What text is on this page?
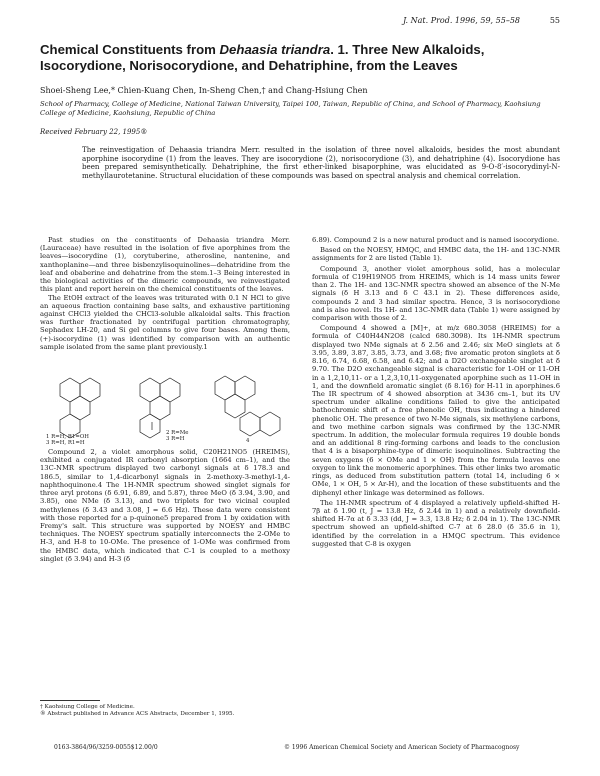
J. Nat. Prod. 1996, 59, 55–58	55
Chemical Constituents from Dehaasia triandra. 1. Three New Alkaloids, Isocorydione, Norisocorydione, and Dehatriphine, from the Leaves
Shoei-Sheng Lee,* Chien-Kuang Chen, In-Sheng Chen,† and Chang-Hsiung Chen
School of Pharmacy, College of Medicine, National Taiwan University, Taipei 100, Taiwan, Republic of China, and School of Pharmacy, Kaohsiung College of Medicine, Kaohsiung, Republic of China
Received February 22, 1995®
The reinvestigation of Dehaasia triandra Merr. resulted in the isolation of three novel alkaloids, besides the most abundant aporphine isocorydine (1) from the leaves. They are isocorydione (2), norisocorydione (3), and dehatriphine (4). Isocorydione has been prepared semisynthetically. Dehatriphine, the first ether-linked bisaporphine, was elucidated as 9-O-8′-isocorydinyl-N-methyllaurotetanine. Structural elucidation of these compounds was based on spectral analysis and chemical correlation.

Past studies on the constituents of Dehaasia triandra Merr. (Lauraceae) have resulted in the isolation of five aporphines from the leaves—isocorydine (1), corytuberine, atherosline, nantenine, and xanthoplanine—and three bisbenzylisoquinolines—dehatridine from the leaf and obaberine and dehatrine from the stem.1–3 Being interested in the biological activities of the dimeric compounds, we reinvestigated this plant and report herein on the chemical constituents of the leaves.

The EtOH extract of the leaves was triturated with 0.1 N HCl to give an aqueous fraction containing base salts, and exhaustive partitioning against CHCl3 yielded the CHCl3-soluble alkaloidal salts. This fraction was further fractionated by centrifugal partition chromatography, Sephadex LH-20, and Si gel columns to give four bases. Among them, (+)-isocorydine (1) was identified by comparison with an authentic sample isolated from the same plant previously.1

1 R=H, R1=OH
3 R=H, R1=H
2 R=Me
3 R=H	4

Compound 2, a violet amorphous solid, C20H21NO5 (HREIMS), exhibited a conjugated IR carbonyl absorption (1664 cm–1), and the 13C-NMR spectrum displayed two carbonyl signals at δ 178.3 and 186.5, similar to 1,4-dicarbonyl signals in 2-methoxy-3-methyl-1,4-naphthoquinone.4 The 1H-NMR spectrum showed singlet signals for three aryl protons (δ 6.91, 6.89, and 5.87), three MeO (δ 3.94, 3.90, and 3.85), one NMe (δ 3.13), and two triplets for two vicinal coupled methylenes (δ 3.43 and 3.08, J = 6.6 Hz). These data were consistent with those reported for a p-quinone5 prepared from 1 by oxidation with Fremy's salt. This structure was supported by NOESY and HMBC techniques. The NOESY spectrum spatially interconnects the 2-OMe to H-3, and H-8 to 10-OMe. The presence of 1-OMe was confirmed from the HMBC data, which indicated that C-1 is coupled to a methoxy singlet (δ 3.94) and H-3 (δ

6.89). Compound 2 is a new natural product and is named isocorydione.

Based on the NOESY, HMQC, and HMBC data, the 1H- and 13C-NMR assignments for 2 are listed (Table 1).

Compound 3, another violet amorphous solid, has a molecular formula of C19H19NO5 from HREIMS, which is 14 mass units fewer than 2. The 1H- and 13C-NMR spectra showed an absence of the N-Me signals (δ H 3.13 and δ C 43.1 in 2). These differences aside, compounds 2 and 3 had similar spectra. Hence, 3 is norisocorydione and is also novel. Its 1H- and 13C-NMR data (Table 1) were assigned by comparison with those of 2.

Compound 4 showed a [M]+, at m/z 680.3058 (HREIMS) for a formula of C40H44N2O8 (calcd 680.3098). Its 1H-NMR spectrum displayed two NMe signals at δ 2.56 and 2.46; six MeO singlets at δ 3.95, 3.89, 3.87, 3.85, 3.73, and 3.68; five aromatic proton singlets at δ 8.16, 6.74, 6.68, 6.58, and 6.42; and a D2O exchangeable singlet at δ 9.70. The D2O exchangeable signal is characteristic for 1-OH or 11-OH in a 1,2,10,11- or a 1,2,3,10,11-oxygenated aporphine such as 11-OH in 1, and the downfield aromatic singlet (δ 8.16) for H-11 in aporphines.6 The IR spectrum of 4 showed absorption at 3436 cm–1, but its UV spectrum under alkaline conditions failed to give the anticipated bathochromic shift of a free phenolic OH, thus indicating a hindered phenolic OH. The presence of two N-Me signals, six methylene carbons, and two methine carbon signals was confirmed by the 13C-NMR spectrum. In addition, the molecular formula requires 19 double bonds and an additional 8 ring-forming carbons and leads to the conclusion that 4 is a bisaporphine-type of dimeric isoquinolines. Subtracting the seven oxygens (6 × OMe and 1 × OH) from the formula leaves one oxygen to link the monomeric aporphines. This ether links two aromatic rings, as deduced from substitution pattern (total 14, including 6 × OMe, 1 × OH, 5 × Ar-H), and the location of these substituents and the diphenyl ether linkage was determined as follows.

The 1H-NMR spectrum of 4 displayed a relatively upfield-shifted H-7β at δ 1.90 (t, J = 13.8 Hz, δ 2.44 in 1) and a relatively downfield-shifted H-7α at δ 3.33 (dd, J = 3.3, 13.8 Hz; δ 2.04 in 1). The 13C-NMR spectrum showed an upfield-shifted C-7 at δ 28.0 (δ 35.6 in 1), identified by the correlation in a HMQC spectrum. This evidence suggested that C-8 is oxygen

† Kaohsiung College of Medicine.
® Abstract published in Advance ACS Abstracts, December 1, 1995.
0163-3864/96/3259-0055$12.00/0	© 1996 American Chemical Society and American Society of Pharmacognosy
